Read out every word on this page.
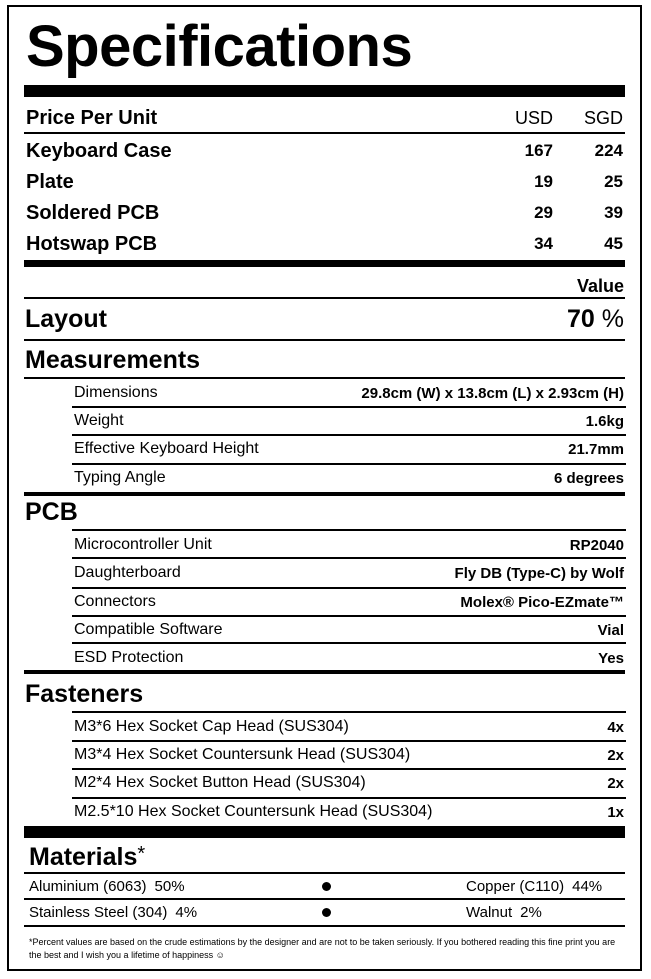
Specifications
Price Per Unit	USD	SGD
Keyboard Case	167	224
Plate	19	25
Soldered PCB	29	39
Hotswap PCB	34	45
Value
Layout	70 %
Measurements
Dimensions	29.8cm (W) x 13.8cm (L) x 2.93cm (H)
Weight	1.6kg
Effective Keyboard Height	21.7mm
Typing Angle	6 degrees
PCB
Microcontroller Unit	RP2040
Daughterboard	Fly DB (Type-C) by Wolf
Connectors	Molex® Pico-EZmate™
Compatible Software	Vial
ESD Protection	Yes
Fasteners
M3*6 Hex Socket Cap Head (SUS304)	4x
M3*4 Hex Socket Countersunk Head (SUS304)	2x
M2*4 Hex Socket Button Head (SUS304)	2x
M2.5*10 Hex Socket Countersunk Head (SUS304)	1x
Materials*
Aluminium (6063) 50%	Copper (C110) 44%
Stainless Steel (304) 4%	Walnut 2%
*Percent values are based on the crude estimations by the designer and are not to be taken seriously. If you bothered reading this fine print you are the best and I wish you a lifetime of happiness ☺
